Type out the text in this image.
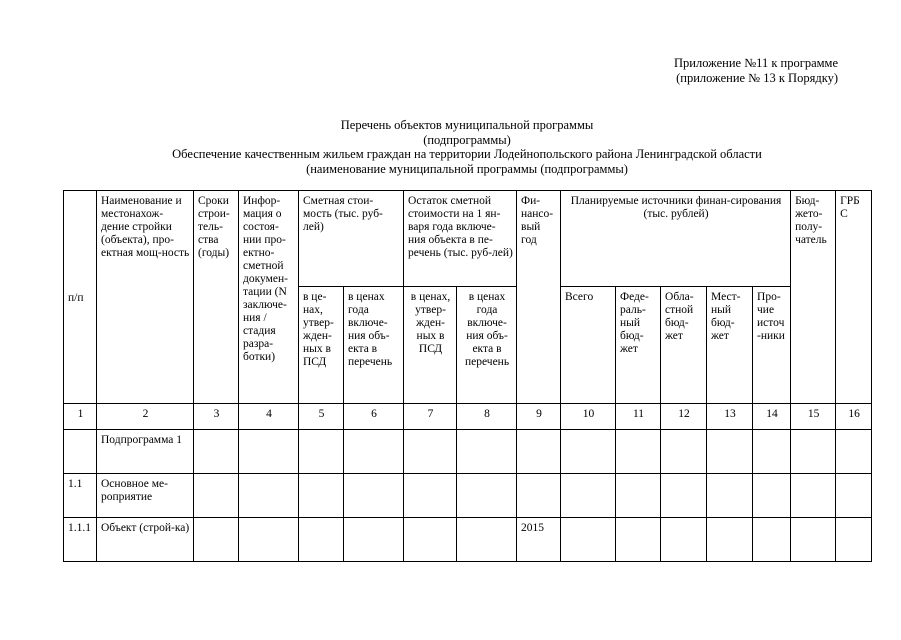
Приложение №11 к программе
(приложение № 13 к Порядку)
Перечень объектов муниципальной программы
(подпрограммы)
Обеспечение качественным жильем граждан на территории Лодейнопольского района Ленинградской области
(наименование муниципальной программы (подпрограммы)
п/п	Наименование и местонахож-дение стройки (объекта), про-ектная мощ-ность	Сроки строи-тель-ства (годы)	Инфор-мация о состоя-нии про-ектно-сметной докумен-тации (N заключе-ния /стадия разра-ботки)	Сметная стои-мость (тыс. руб-лей)		Остаток сметной стоимости на 1 ян-варя года включе-ния объекта в пе-речень (тыс. руб-лей)		Фи-нансо-вый год	Планируемые источники финан-сирования (тыс. рублей)					Бюд-жето-полу-чатель	ГРБ С
				в це-нах, утвер-жден-ных в ПСД	в ценах года включе-ния объ-екта в перечень	в ценах, утвер-жден-ных в ПСД	в ценах года включе-ния объ-екта в перечень		Всего	Феде-раль-ный бюд-жет	Обла-стной бюд-жет	Мест-ный бюд-жет	Про-чие источ-ники		
1	2	3	4	5	6	7	8	9	10	11	12	13	14	15	16
	Подпрограмма 1														
1.1	Основное ме-роприятие														
1.1.1	Объект (строй-ка)							2015							
